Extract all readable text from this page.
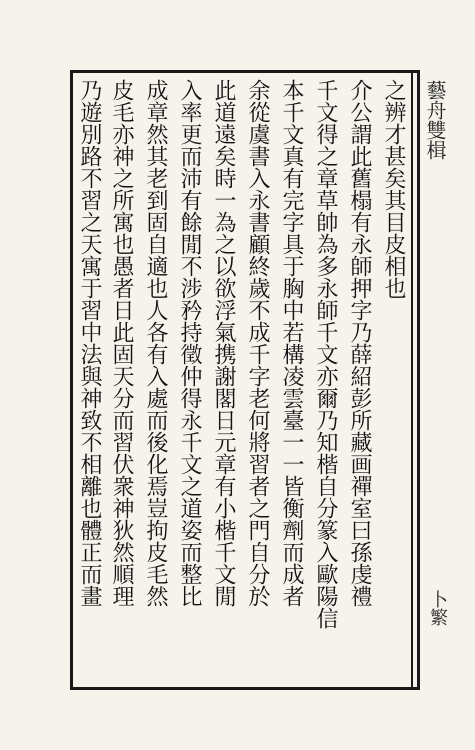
藝舟雙楫
卜繁
之辨才甚矣其目皮相也
介公謂此舊榻有永師押字乃薛紹彭所藏画禪室曰孫虔禮
千文得之章草帥為多永師千文亦爾乃知楷自分篆入歐陽信
本千文真有完字具于胸中若構凌雲臺一一皆衡劑而成者
余從虞書入永書顧終歲不成千字老何將習者之門自分於
此道遠矣時一為之以欲浮氣携謝閣日元章有小楷千文閒
入率更而沛有餘閒不涉矜持徵仲得永千文之道姿而整比
成章然其老到固自適也人各有入處而後化焉豈拘皮毛然
皮毛亦神之所寓也愚者日此固天分而習伏衆神狄然順理
乃遊別路不習之天寓于習中法與神致不相離也體正而畫
